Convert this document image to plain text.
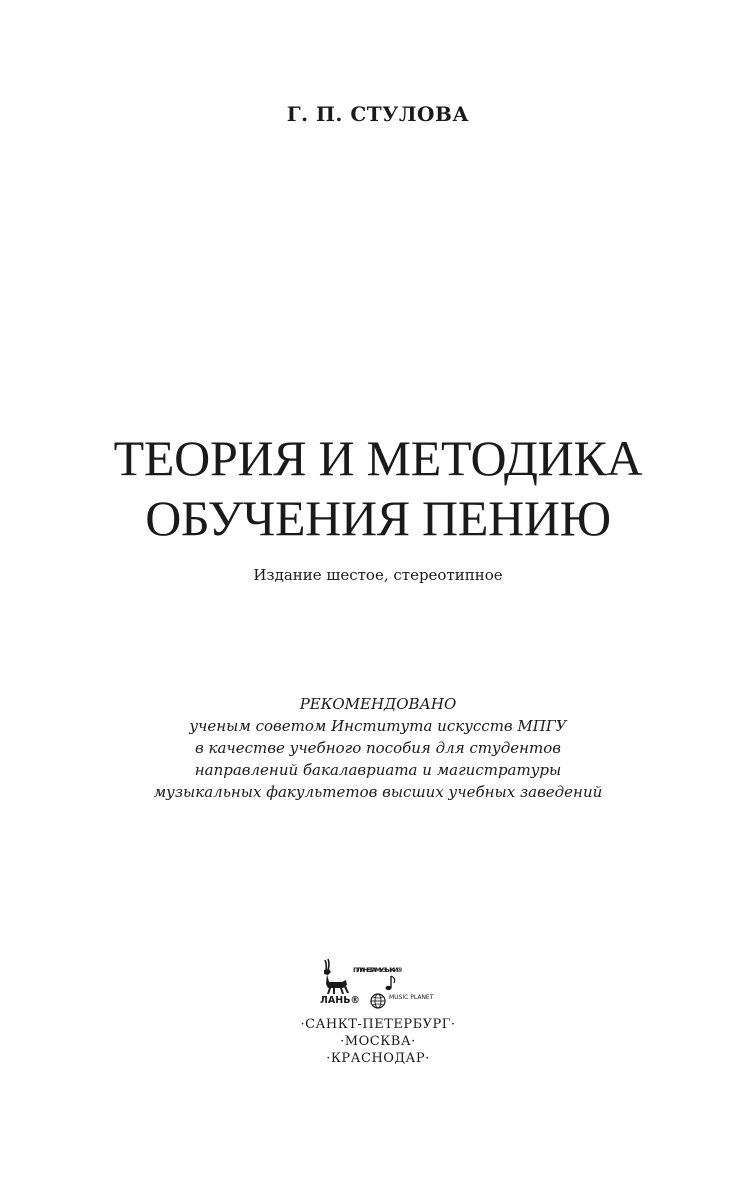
Г. П. СТУЛОВА
ТЕОРИЯ И МЕТОДИКА
ОБУЧЕНИЯ ПЕНИЮ
Издание шестое, стереотипное
РЕКОМЕНДОВАНО
ученым советом Института искусств МПГУ
в качестве учебного пособия для студентов
направлений бакалавриата и магистратуры
музыкальных факультетов высших учебных заведений
ЛАНЬ®
ПЛАНЕТА МУЗЫКИ®
MUSIC PLANET
·САНКТ-ПЕТЕРБУРГ·
·МОСКВА·
·КРАСНОДАР·
